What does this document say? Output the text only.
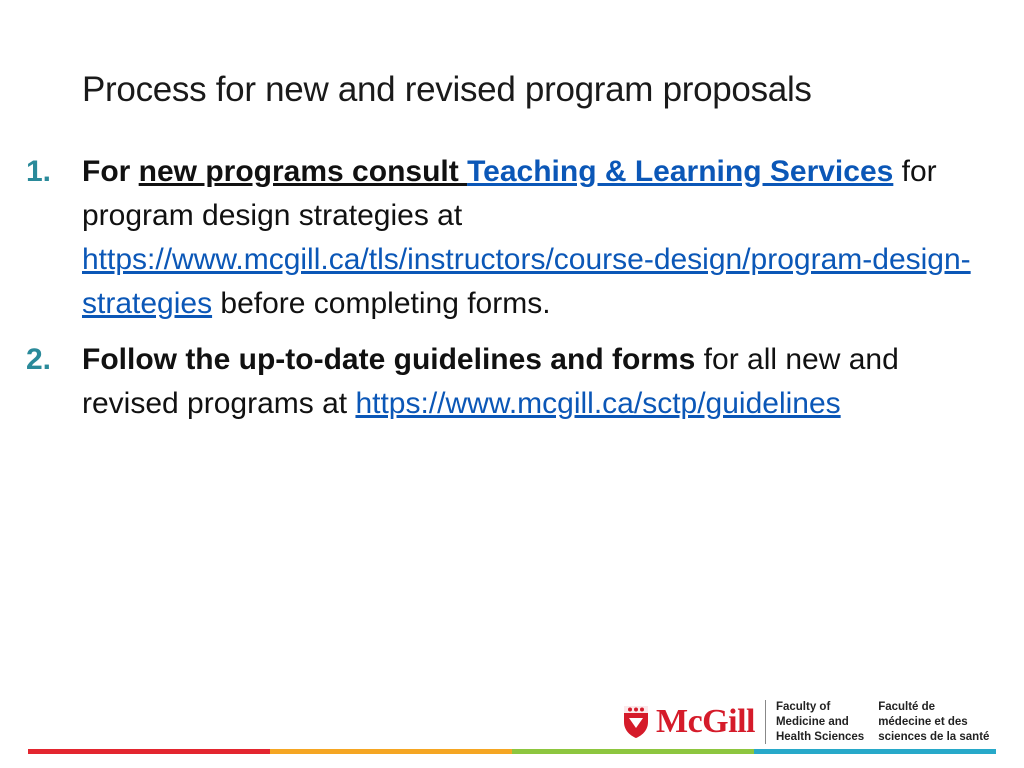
Process for new and revised program proposals
1. For new programs consult Teaching & Learning Services for program design strategies at https://www.mcgill.ca/tls/instructors/course-design/program-design-strategies before completing forms.
2. Follow the up-to-date guidelines and forms for all new and revised programs at https://www.mcgill.ca/sctp/guidelines
McGill Faculty of
Medicine and
Health Sciences
Faculté de
médecine et des
sciences de la santé
